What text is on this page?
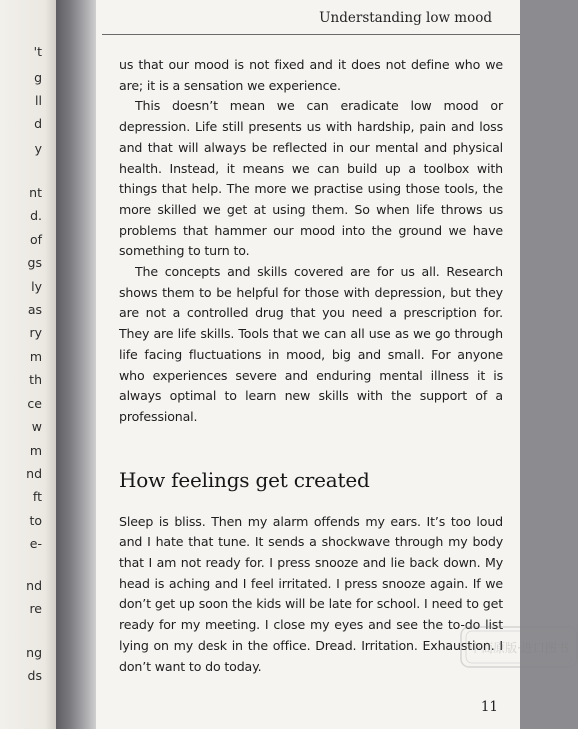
't
g
ll
d
y
nt
d.
of
gs
ly
as
ry
m
th
ce
w
m
nd
ft
to
e-
nd
re
ng
ds
Understanding low mood

us that our mood is not fixed and it does not define who we are; it is a sensation we experience.

This doesn’t mean we can eradicate low mood or depression. Life still presents us with hardship, pain and loss and that will always be reflected in our mental and physical health. Instead, it means we can build up a toolbox with things that help. The more we practise using those tools, the more skilled we get at using them. So when life throws us problems that hammer our mood into the ground we have something to turn to.

The concepts and skills covered are for us all. Research shows them to be helpful for those with depression, but they are not a controlled drug that you need a prescription for. They are life skills. Tools that we can all use as we go through life facing fluctuations in mood, big and small. For anyone who experiences severe and enduring mental illness it is always optimal to learn new skills with the support of a professional.

How feelings get created

Sleep is bliss. Then my alarm offends my ears. It’s too loud and I hate that tune. It sends a shockwave through my body that I am not ready for. I press snooze and lie back down. My head is aching and I feel irritated. I press snooze again. If we don’t get up soon the kids will be late for school. I need to get ready for my meeting. I close my eyes and see the to-do list lying on my desk in the office. Dread. Irritation. Exhaustion. I don’t want to do today.

中商原版·进口图书
11
